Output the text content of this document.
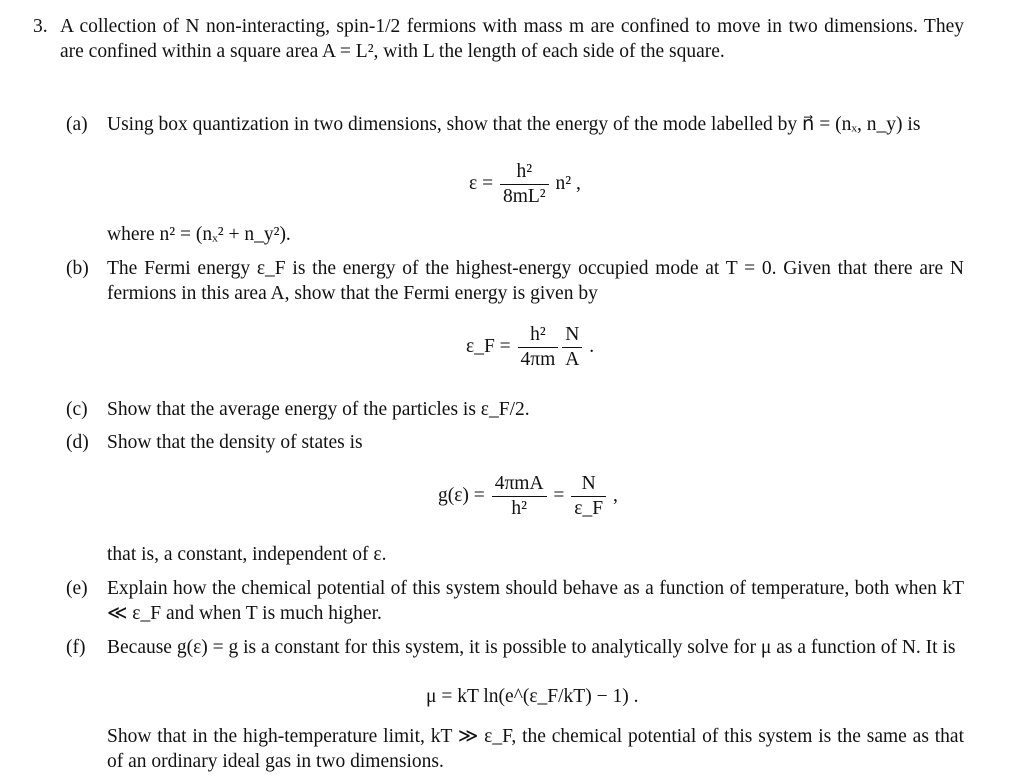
3. A collection of N non-interacting, spin-1/2 fermions with mass m are confined to move in two dimensions. They are confined within a square area A = L², with L the length of each side of the square.
(a) Using box quantization in two dimensions, show that the energy of the mode labelled by n⃗ = (nₓ, n_y) is
$\varepsilon = \frac{\text{h²}}{\text{8mL²}} n^2$ ,
where n² = (nₓ² + n_y²).
(b) The Fermi energy ε_F is the energy of the highest-energy occupied mode at T = 0. Given that there are N fermions in this area A, show that the Fermi energy is given by
ε_F = $\frac{\text{h²}}{4\pi m} \frac{N}{A}$ .
(c) Show that the average energy of the particles is ε_F/2.
(d) Show that the density of states is
$g(\varepsilon) = \frac{\text{4πmA}}{\text{h²}} = \frac{N}{\varepsilon\_F}$ ,
that is, a constant, independent of ε.
(e) Explain how the chemical potential of this system should behave as a function of temperature, both when kT ≪ ε_F and when T is much higher.
(f) Because g(ε) = g is a constant for this system, it is possible to analytically solve for μ as a function of N. It is
μ = kT ln(e^(ε_F/kT) − 1) .
Show that in the high-temperature limit, kT ≫ ε_F, the chemical potential of this system is the same as that of an ordinary ideal gas in two dimensions.
